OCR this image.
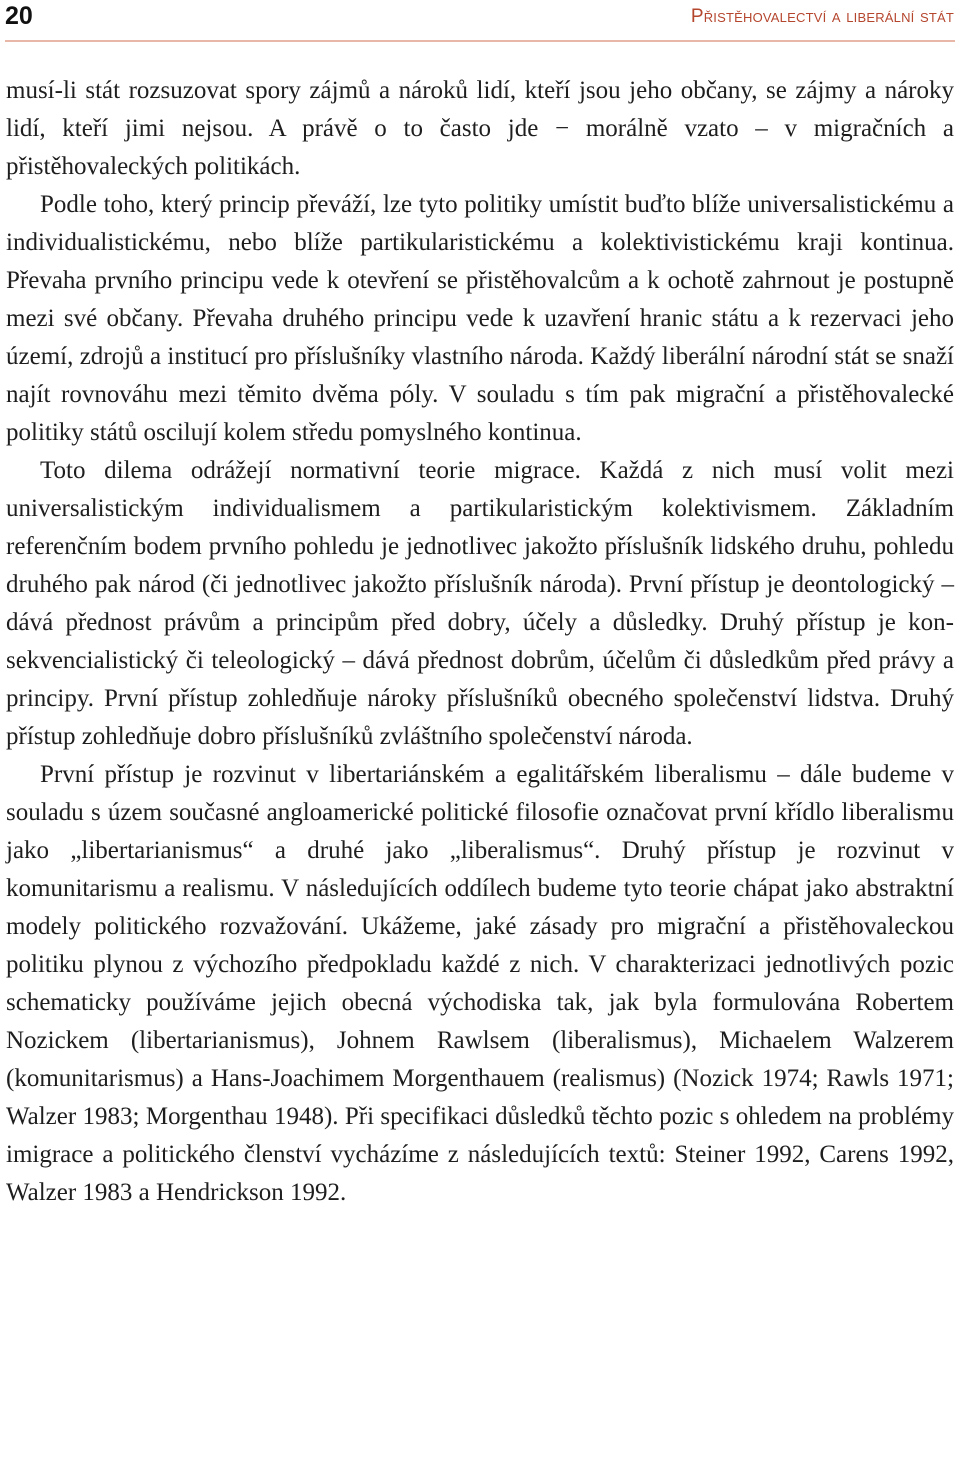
20	Přistěhovalectví a liberální stát

musí-li stát rozsuzovat spory zájmů a nároků lidí, kteří jsou jeho občany, se zájmy a nároky lidí, kteří jimi nejsou. A právě o to často jde − morálně vzato – v migračních a přistěhovaleckých politikách.

Podle toho, který princip převáží, lze tyto politiky umístit buďto blíže universalistickému a individualistickému, nebo blíže partikularistickému a kolektivistickému kraji kontinua. Převaha prvního principu vede k otevření se přistěhovalcům a k ochotě zahrnout je postupně mezi své občany. Převaha druhého principu vede k uzavření hranic státu a k rezervaci jeho území, zdrojů a institucí pro příslušníky vlastního národa. Každý liberální národní stát se snaží najít rovnováhu mezi těmito dvěma póly. V souladu s tím pak migrační a přistěhovalecké politiky států oscilují kolem středu pomyslného kontinua.

Toto dilema odrážejí normativní teorie migrace. Každá z nich musí volit mezi universalistickým individualismem a partikularistickým kolektivismem. Základním referenčním bodem prvního pohledu je jednotlivec jakožto příslušník lidského druhu, pohledu druhého pak národ (či jednotlivec jakožto příslušník národa). První přístup je deontologický – dává přednost právům a principům před dobry, účely a důsledky. Druhý přístup je konsekvencialistický či teleologický – dává přednost dobrům, účelům či důsledkům před právy a principy. První přístup zohledňuje nároky příslušníků obecného společenství lidstva. Druhý přístup zohledňuje dobro příslušníků zvláštního společenství národa.

První přístup je rozvinut v libertariánském a egalitářském liberalismu – dále budeme v souladu s územ současné angloamerické politické filosofie označovat první křídlo liberalismu jako „libertarianismus“ a druhé jako „liberalismus“. Druhý přístup je rozvinut v komunitarismu a realismu. V následujících oddílech budeme tyto teorie chápat jako abstraktní modely politického rozvažování. Ukážeme, jaké zásady pro migrační a přistěhovaleckou politiku plynou z výchozího předpokladu každé z nich. V charakterizaci jednotlivých pozic schematicky používáme jejich obecná východiska tak, jak byla formulována Robertem Nozickem (libertarianismus), Johnem Rawlsem (liberalismus), Michaelem Walzerem (komunitarismus) a Hans-Joachimem Morgenthauem (realismus) (Nozick 1974; Rawls 1971; Walzer 1983; Morgenthau 1948). Při specifikaci důsledků těchto pozic s ohledem na problémy imigrace a politického členství vycházíme z následujících textů: Steiner 1992, Carens 1992, Walzer 1983 a Hendrickson 1992.
